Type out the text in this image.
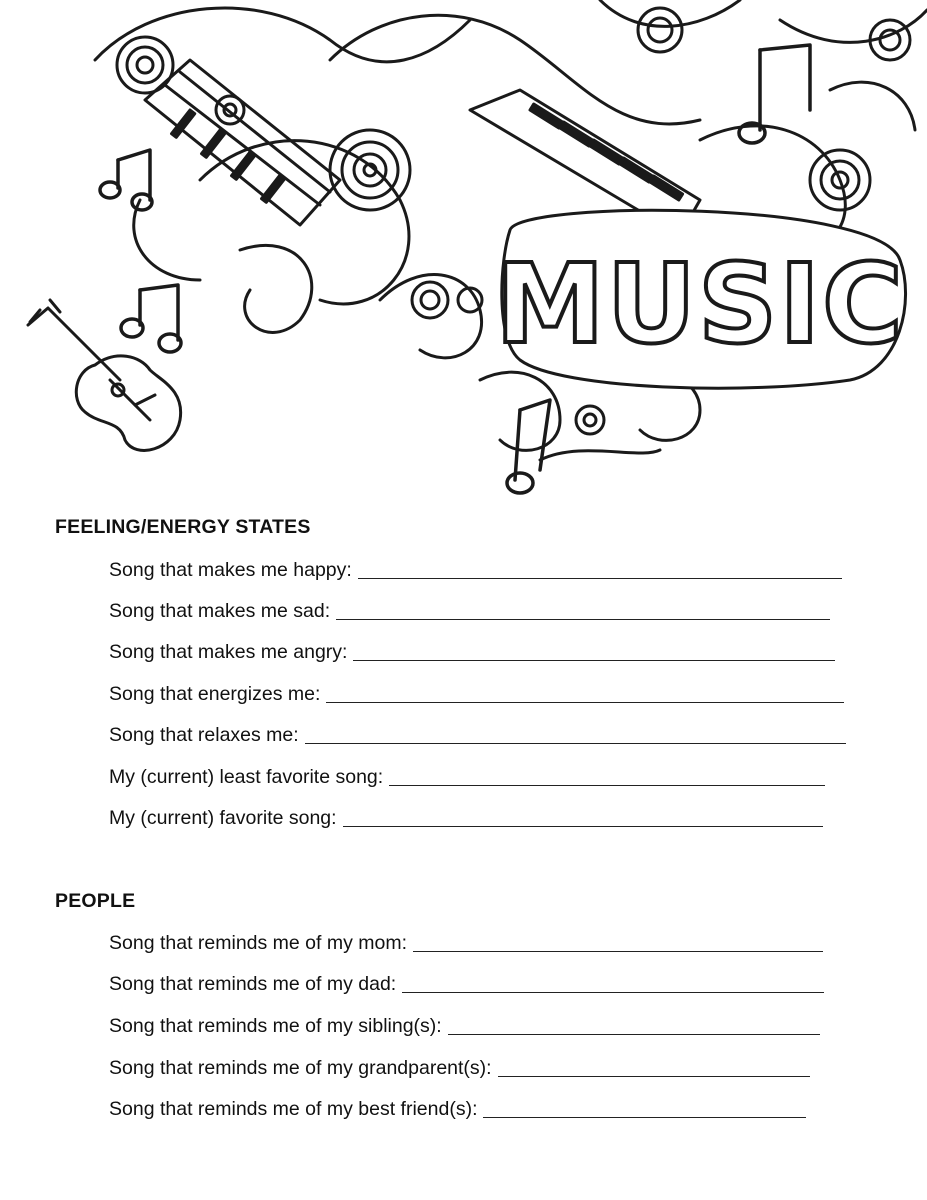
MUSIC
FEELING/ENERGY STATES
Song that makes me happy:
Song that makes me sad:
Song that makes me angry:
Song that energizes me:
Song that relaxes me:
My (current) least favorite song:
My (current) favorite song:
PEOPLE
Song that reminds me of my mom:
Song that reminds me of my dad:
Song that reminds me of my sibling(s):
Song that reminds me of my grandparent(s):
Song that reminds me of my best friend(s):
